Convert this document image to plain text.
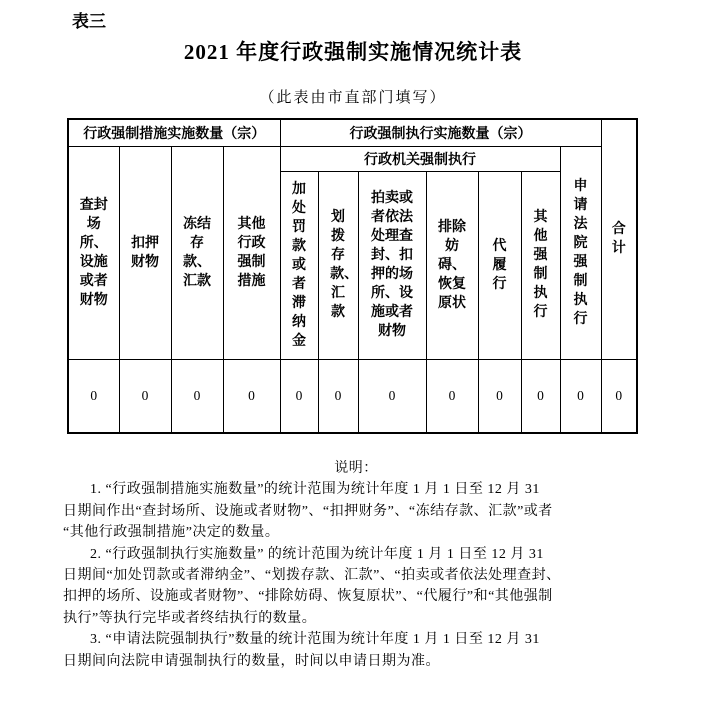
表三
2021 年度行政强制实施情况统计表
（此表由市直部门填写）
行政强制措施实施数量（宗）				行政强制执行实施数量（宗）							合计
查封场所、设施或者财物	扣押财物	冻结存款、汇款	其他行政强制措施	行政机关强制执行						申请法院强制执行	
				加处罚款或者滞纳金	划拨存款、汇款	拍卖或者依法处理查封、扣押的场所、设施或者财物	排除妨碍、恢复原状	代履行	其他强制执行		
0	0	0	0	0	0	0	0	0	0	0	0
说明：
1. “行政强制措施实施数量”的统计范围为统计年度 1 月 1 日至 12 月 31
日期间作出“查封场所、设施或者财物”、“扣押财务”、“冻结存款、汇款”或者
“其他行政强制措施”决定的数量。
2. “行政强制执行实施数量” 的统计范围为统计年度 1 月 1 日至 12 月 31
日期间“加处罚款或者滞纳金”、“划拨存款、汇款”、“拍卖或者依法处理查封、
扣押的场所、设施或者财物”、“排除妨碍、恢复原状”、“代履行”和“其他强制
执行”等执行完毕或者终结执行的数量。
3. “申请法院强制执行”数量的统计范围为统计年度 1 月 1 日至 12 月 31
日期间向法院申请强制执行的数量，时间以申请日期为准。
